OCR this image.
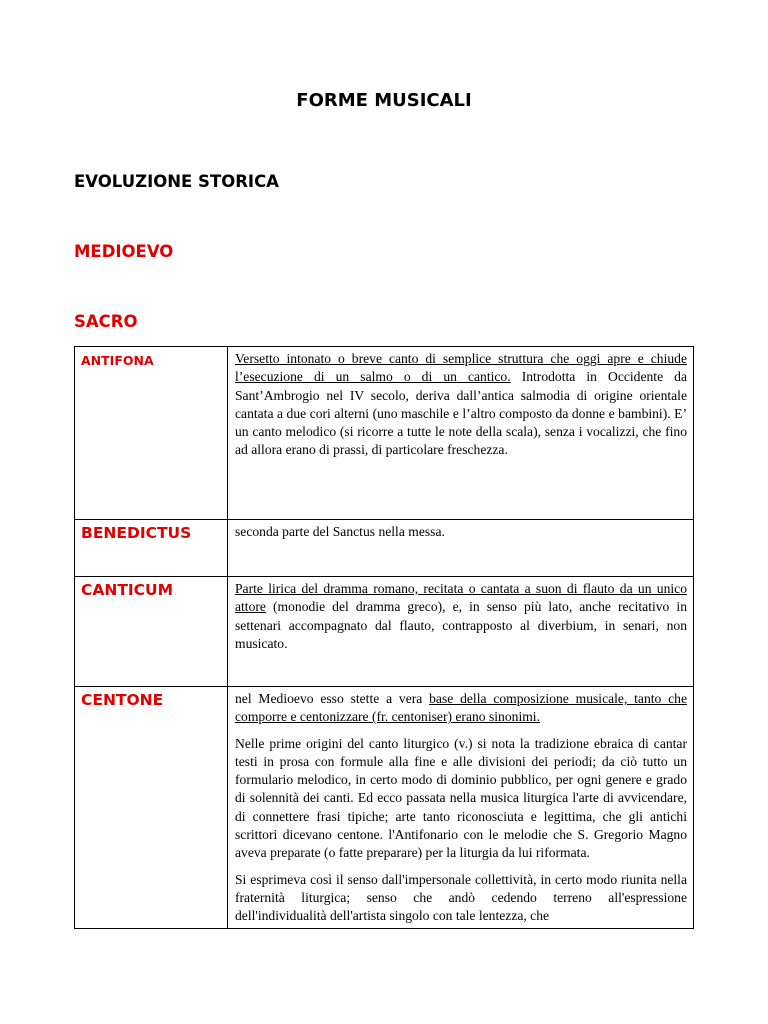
FORME MUSICALI
EVOLUZIONE STORICA
MEDIOEVO
SACRO
ANTIFONA	Versetto intonato o breve canto di semplice struttura che oggi apre e chiude l’esecuzione di un salmo o di un cantico. Introdotta in Occidente da Sant’Ambrogio nel IV secolo, deriva dall’antica salmodia di origine orientale cantata a due cori alterni (uno maschile e l’altro composto da donne e bambini). E’ un canto melodico (si ricorre a tutte le note della scala), senza i vocalizzi, che fino ad allora erano di prassi, di particolare freschezza.

BENEDICTUS	seconda parte del Sanctus nella messa.

CANTICUM	Parte lirica del dramma romano, recitata o cantata a suon di flauto da un unico attore (monodie del dramma greco), e, in senso più lato, anche recitativo in settenari accompagnato dal flauto, contrapposto al diverbium, in senari, non musicato.

CENTONE	nel Medioevo esso stette a vera base della composizione musicale, tanto che comporre e centonizzare (fr. centoniser) erano sinonimi.

Nelle prime origini del canto liturgico (v.) si nota la tradizione ebraica di cantar testi in prosa con formule alla fine e alle divisioni dei periodi; da ciò tutto un formulario melodico, in certo modo di dominio pubblico, per ogni genere e grado di solennità dei canti. Ed ecco passata nella musica liturgica l'arte di avvicendare, di connettere frasi tipiche; arte tanto riconosciuta e legittima, che gli antichi scrittori dicevano centone. l'Antifonario con le melodie che S. Gregorio Magno aveva preparate (o fatte preparare) per la liturgia da lui riformata.

Si esprimeva così il senso dall'impersonale collettività, in certo modo riunita nella fraternità liturgica; senso che andò cedendo terreno all'espressione dell'individualità dell'artista singolo con tale lentezza, che
